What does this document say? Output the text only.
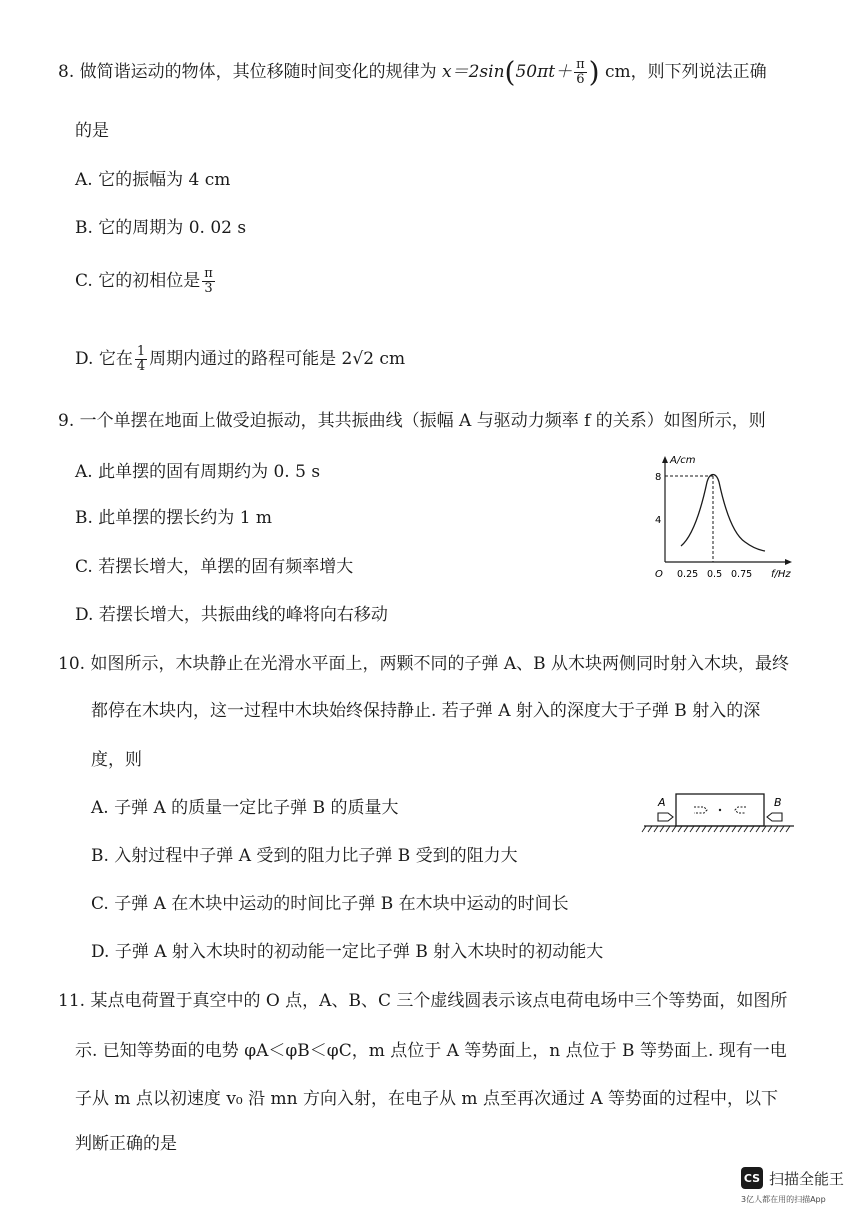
8. 做简谐运动的物体，其位移随时间变化的规律为 $x=2\sin(50\pi t+ \frac{\pi}{6}$ ) cm，则下列说法正确
的是
A. 它的振幅为 4 cm
B. 它的周期为 0. 02 s
C. 它的初相位是 $\frac{\pi}{3}$
D. 它在 $\frac{1}{4}$ 周期内通过的路程可能是 2√2 cm
9. 一个单摆在地面上做受迫振动，其共振曲线（振幅 A 与驱动力频率 f 的关系）如图所示，则
A. 此单摆的固有周期约为 0. 5 s
B. 此单摆的摆长约为 1 m
C. 若摆长增大，单摆的固有频率增大
D. 若摆长增大，共振曲线的峰将向右移动
A/cm
8
4
O 0.25 0.5 0.75 f/Hz
10. 如图所示，木块静止在光滑水平面上，两颗不同的子弹 A、B 从木块两侧同时射入木块，最终
都停在木块内，这一过程中木块始终保持静止. 若子弹 A 射入的深度大于子弹 B 射入的深
度，则
A. 子弹 A 的质量一定比子弹 B 的质量大
B. 入射过程中子弹 A 受到的阻力比子弹 B 受到的阻力大
C. 子弹 A 在木块中运动的时间比子弹 B 在木块中运动的时间长
D. 子弹 A 射入木块时的初动能一定比子弹 B 射入木块时的初动能大
A	B
11. 某点电荷置于真空中的 O 点，A、B、C 三个虚线圆表示该点电荷电场中三个等势面，如图所
示. 已知等势面的电势 φA＜φB＜φC，m 点位于 A 等势面上，n 点位于 B 等势面上. 现有一电
子从 m 点以初速度 v₀ 沿 mn 方向入射，在电子从 m 点至再次通过 A 等势面的过程中，以下
判断正确的是
CS 扫描全能王
3亿人都在用的扫描App
